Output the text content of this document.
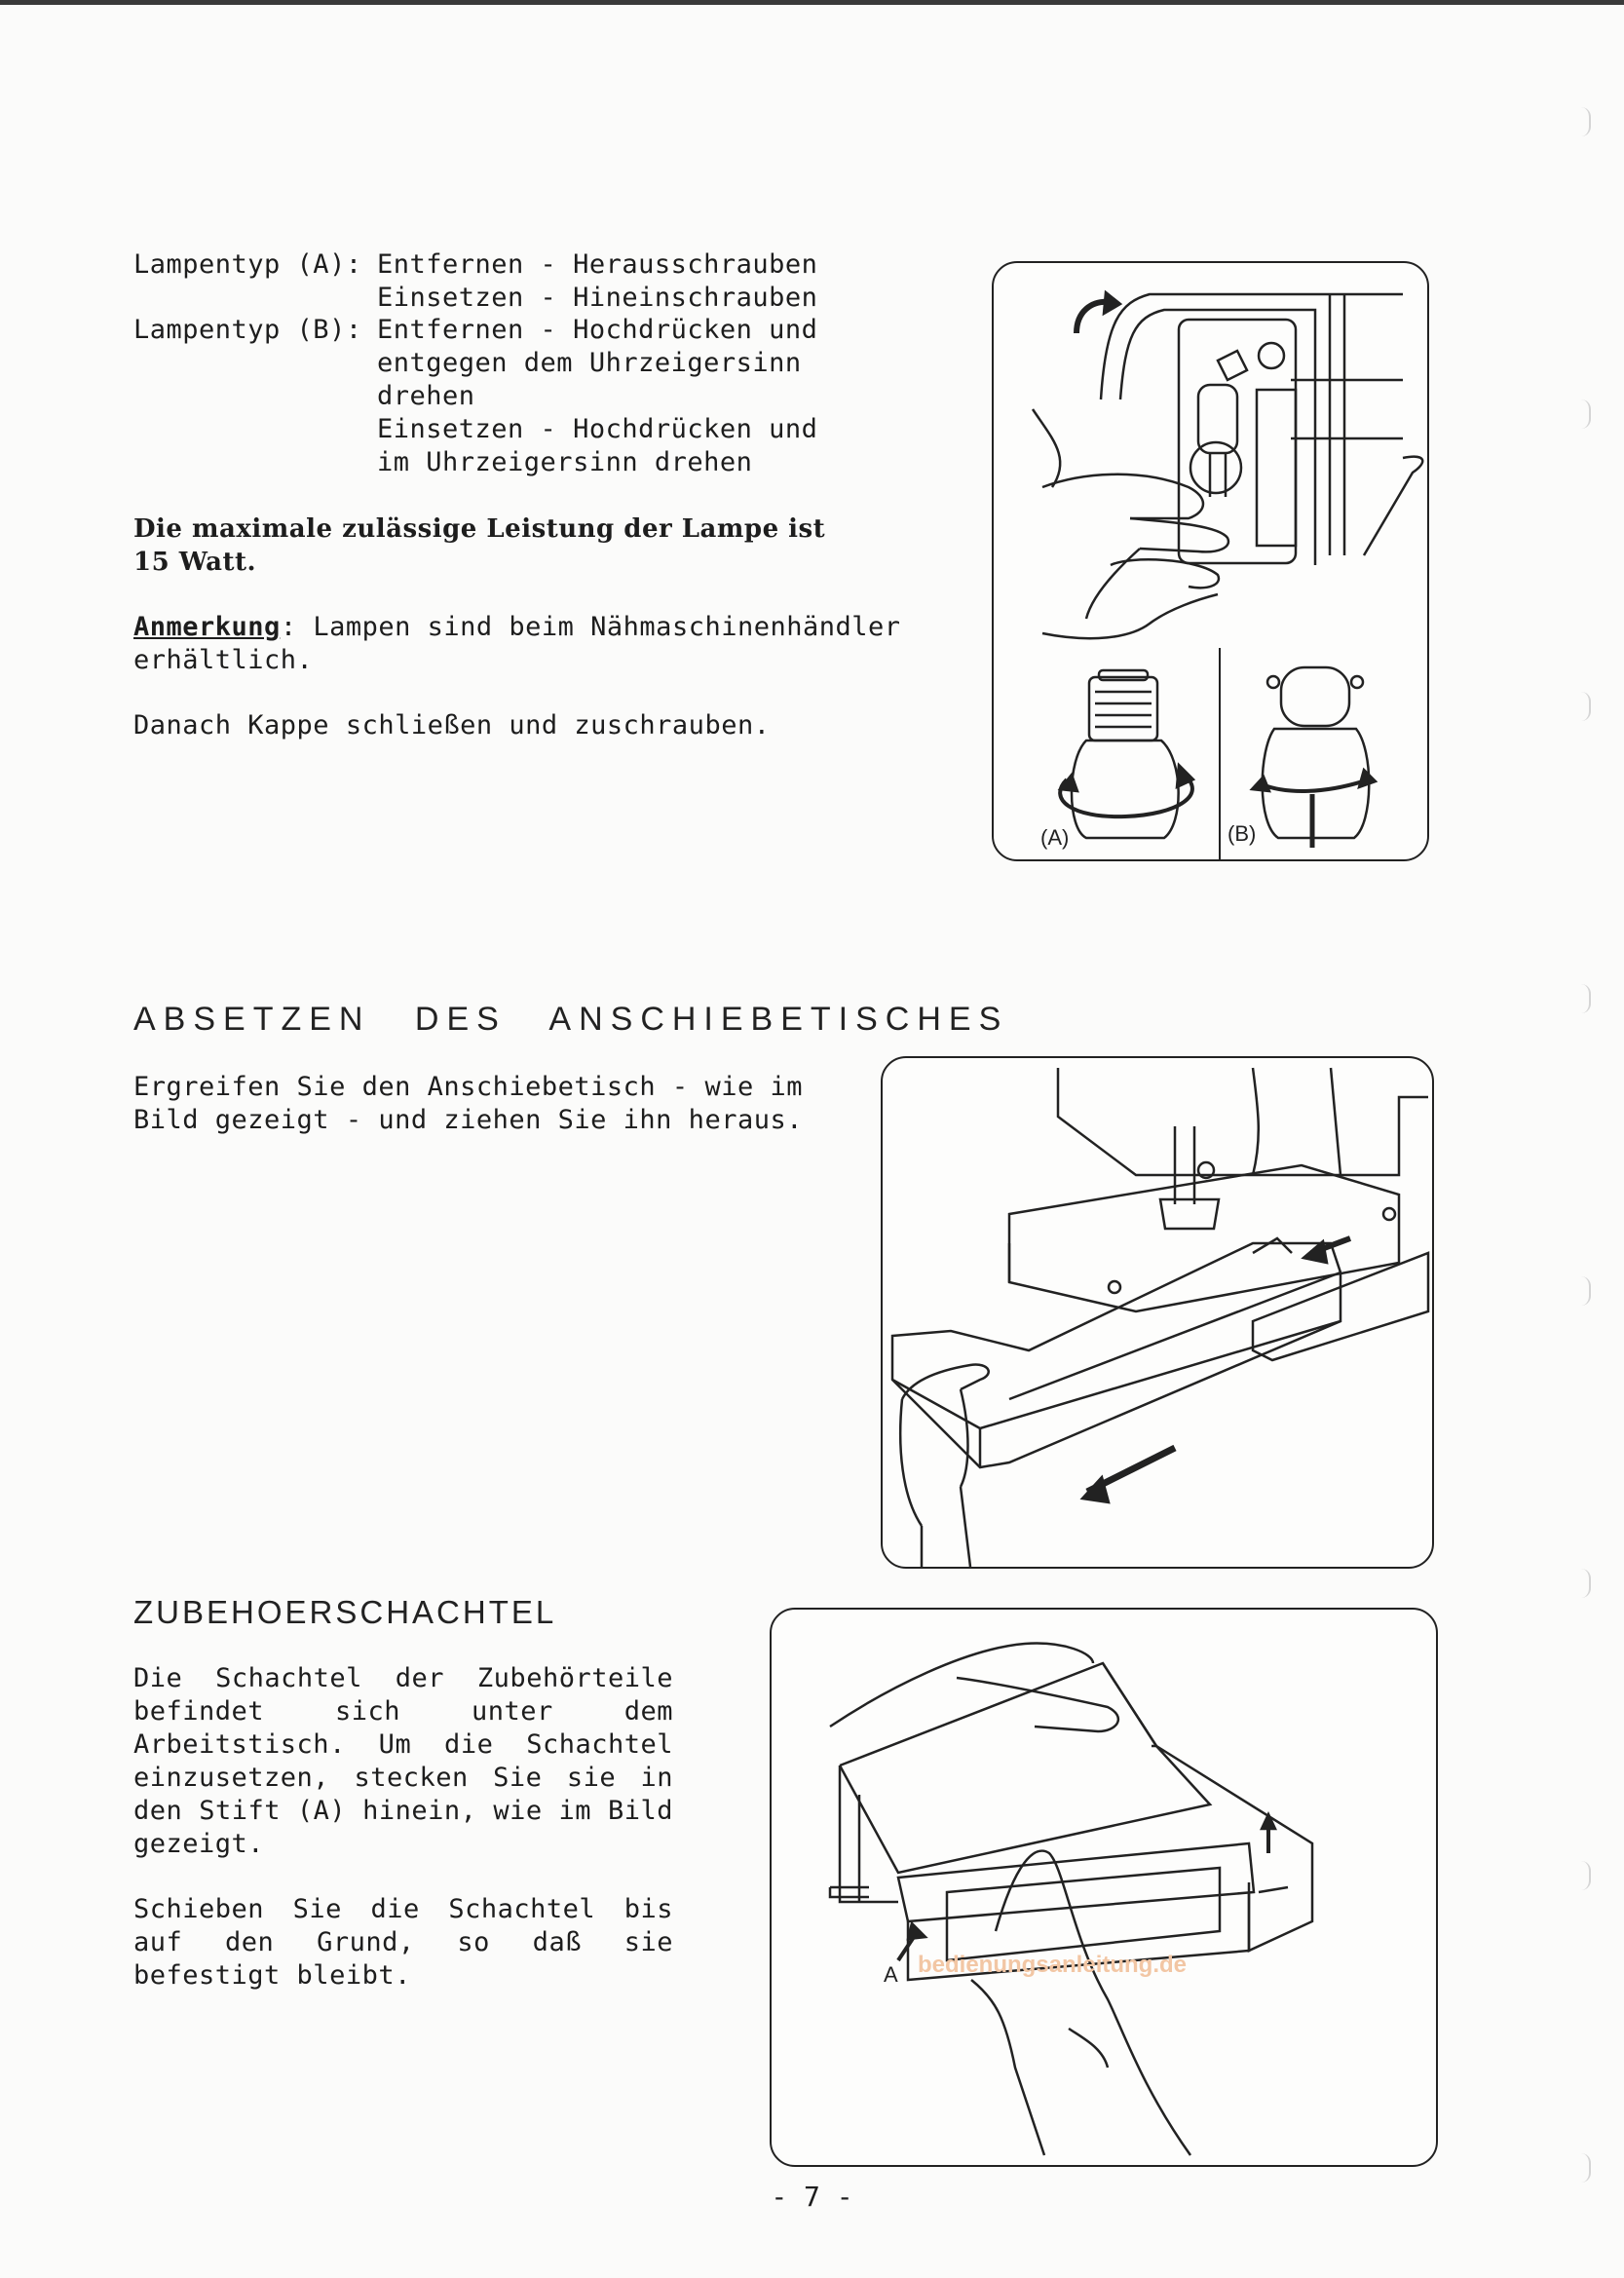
Lampentyp (A): Entfernen - Herausschrauben
Einsetzen - Hineinschrauben
Lampentyp (B): Entfernen - Hochdrücken und
entgegen dem Uhrzeigersinn
drehen
Einsetzen - Hochdrücken und
im Uhrzeigersinn drehen
Die maximale zulässige Leistung der Lampe ist
15 Watt.
Anmerkung: Lampen sind beim Nähmaschinenhändler
erhältlich.
Danach Kappe schließen und zuschrauben.
(A)	(B)
ABSETZEN DES ANSCHIEBETISCHES
Ergreifen Sie den Anschiebetisch - wie im
Bild gezeigt - und ziehen Sie ihn heraus.
ZUBEHOERSCHACHTEL
Die Schachtel der Zubehörteile
befindet sich unter dem
Arbeitstisch. Um die Schachtel
einzusetzen, stecken Sie sie in
den Stift (A) hinein, wie im Bild
gezeigt.
Schieben Sie die Schachtel bis
auf den Grund, so daß sie
befestigt bleibt.	A bedienungsanleitung.de
- 7 -
